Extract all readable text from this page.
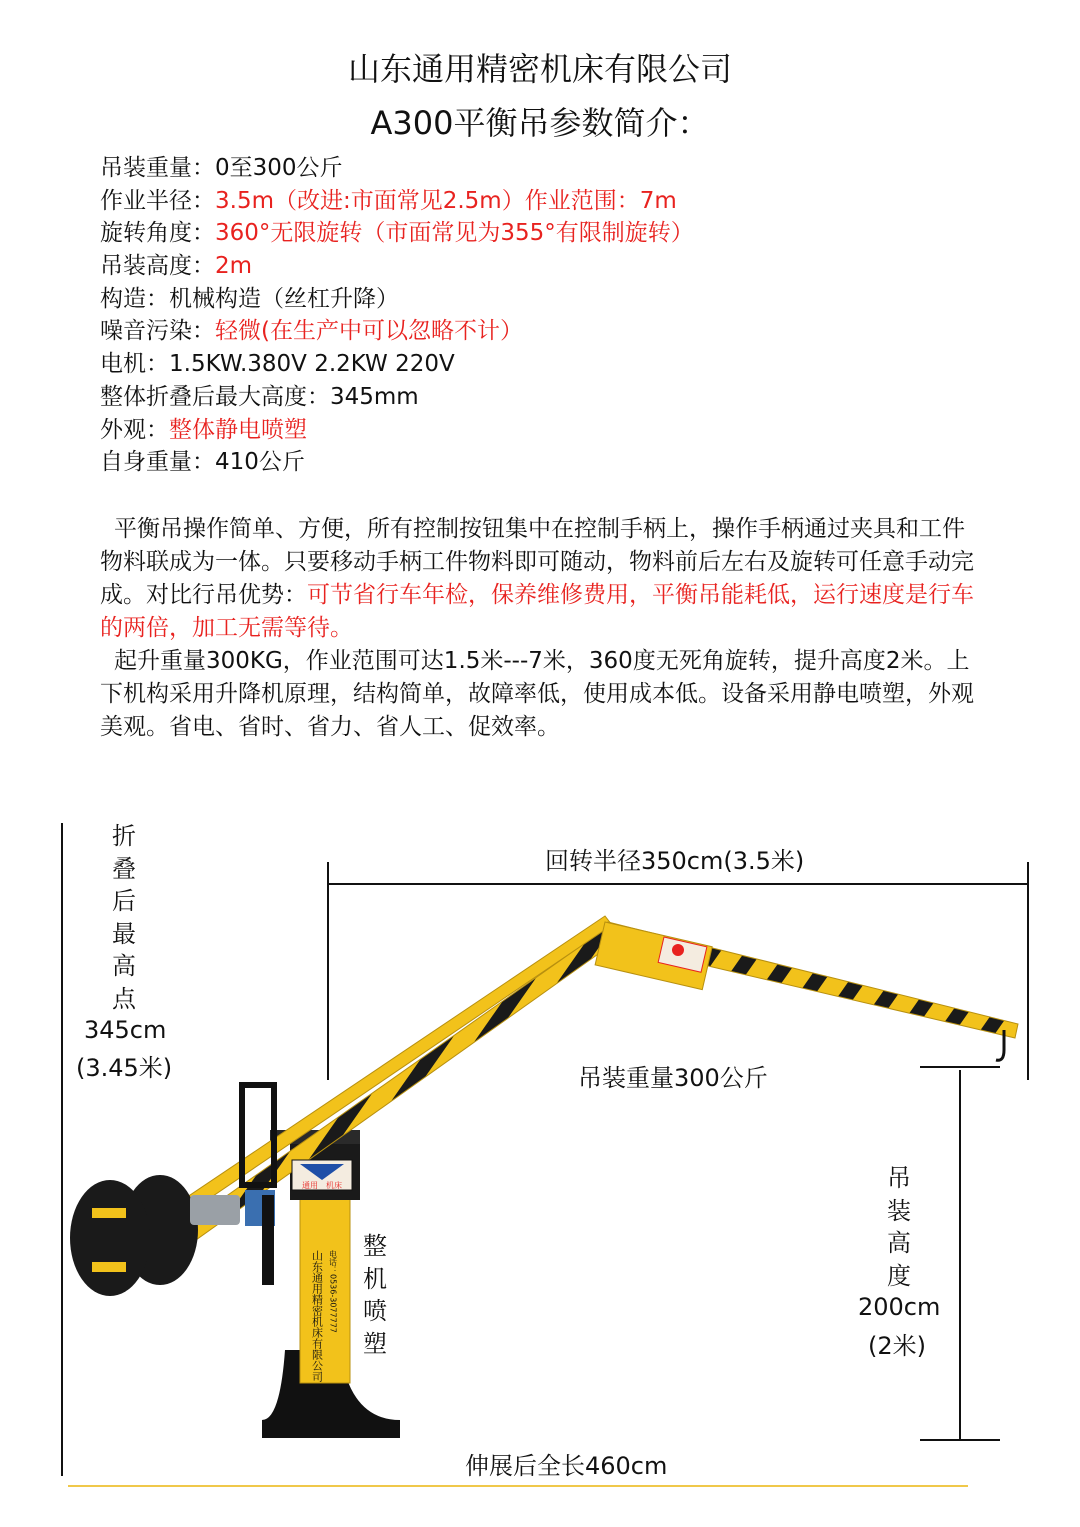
山东通用精密机床有限公司
A300平衡吊参数简介：
吊装重量：0至300公斤
作业半径：3.5m（改进:市面常见2.5m）作业范围：7m
旋转角度：360°无限旋转（市面常见为355°有限制旋转）
吊装高度：2m
构造：机械构造（丝杠升降）
噪音污染：轻微(在生产中可以忽略不计）
电机：1.5KW.380V 2.2KW 220V
整体折叠后最大高度：345mm
外观：整体静电喷塑
自身重量：410公斤

平衡吊操作简单、方便，所有控制按钮集中在控制手柄上，操作手柄通过夹具和工件物料联成为一体。只要移动手柄工件物料即可随动，物料前后左右及旋转可任意手动完成。对比行吊优势：可节省行车年检，保养维修费用，平衡吊能耗低，运行速度是行车的两倍，加工无需等待。

起升重量300KG，作业范围可达1.5米---7米，360度无死角旋转，提升高度2米。上下机构采用升降机原理，结构简单，故障率低，使用成本低。设备采用静电喷塑，外观美观。省电、省时、省力、省人工、促效率。

山东通用精密机床有限公司 电话：0536-3077777
通用 机床
折
叠
后
最
高
点
345cm
(3.45米)
回转半径350cm(3.5米)
吊装重量300公斤
整
机
喷
塑
吊
装
高
度
200cm
(2米)
伸展后全长460cm
